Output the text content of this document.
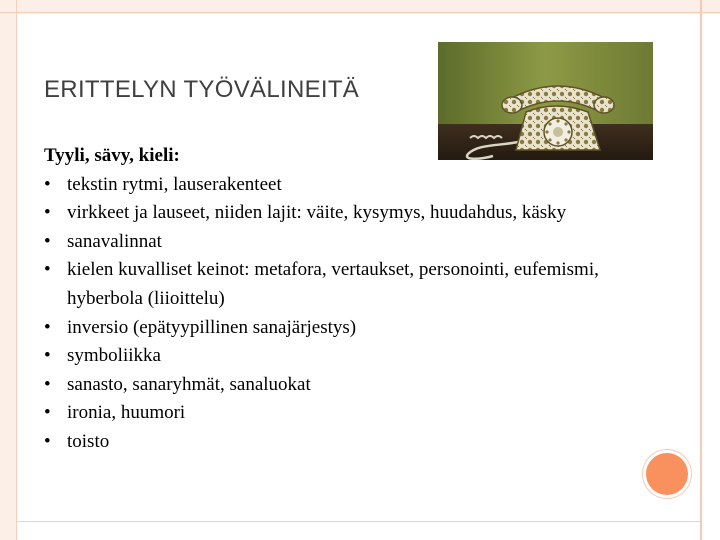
ERITTELYN TYÖVÄLINEITÄ
Tyyli, sävy, kieli:
• tekstin rytmi, lauserakenteet
• virkkeet ja lauseet, niiden lajit: väite, kysymys, huudahdus, käsky
• sanavalinnat
• kielen kuvalliset keinot: metafora, vertaukset, personointi, eufemismi, hyberbola (liioittelu)
• inversio (epätyypillinen sanajärjestys)
• symboliikka
• sanasto, sanaryhmät, sanaluokat
• ironia, huumori
• toisto
